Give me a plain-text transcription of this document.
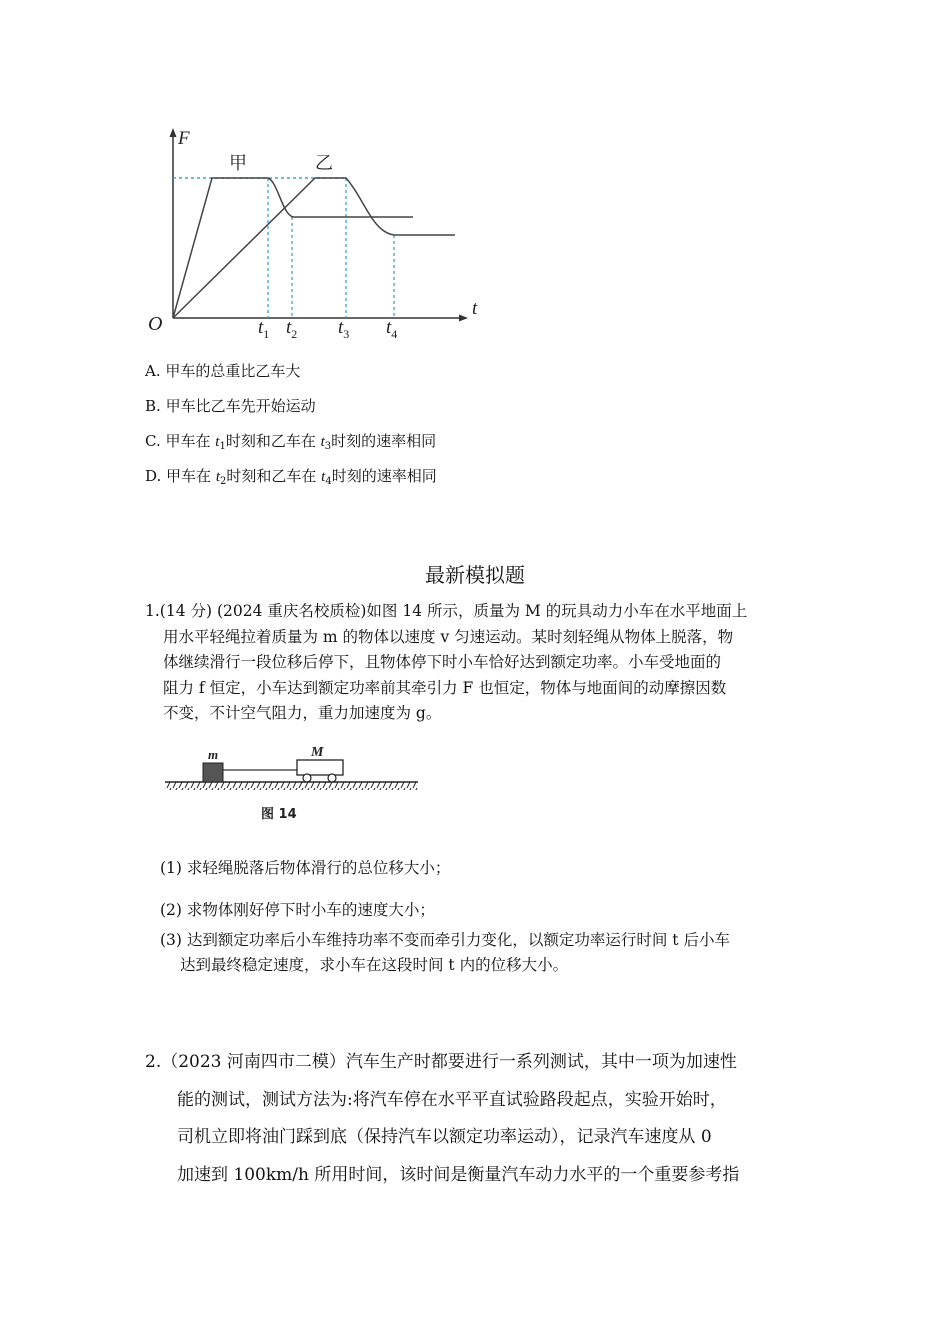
F
t
O
甲	乙
$t_1$ $t_2$ $t_3$ $t_4$
A. 甲车的总重比乙车大
B. 甲车比乙车先开始运动
C. 甲车在 $t_1$时刻和乙车在 $t_3$时刻的速率相同
D. 甲车在 $t_2$时刻和乙车在 $t_4$时刻的速率相同
最新模拟题
1.(14 分) (2024 重庆名校质检)如图 14 所示，质量为 M 的玩具动力小车在水平地面上
用水平轻绳拉着质量为 m 的物体以速度 v 匀速运动。某时刻轻绳从物体上脱落，物
体继续滑行一段位移后停下，且物体停下时小车恰好达到额定功率。小车受地面的
阻力 f 恒定，小车达到额定功率前其牵引力 F 也恒定，物体与地面间的动摩擦因数
不变，不计空气阻力，重力加速度为 g。
m	M
图 14
(1) 求轻绳脱落后物体滑行的总位移大小；
(2) 求物体刚好停下时小车的速度大小；
(3) 达到额定功率后小车维持功率不变而牵引力变化，以额定功率运行时间 t 后小车
达到最终稳定速度，求小车在这段时间 t 内的位移大小。
2.（2023 河南四市二模）汽车生产时都要进行一系列测试，其中一项为加速性
能的测试，测试方法为:将汽车停在水平平直试验路段起点，实验开始时，
司机立即将油门踩到底（保持汽车以额定功率运动），记录汽车速度从 0
加速到 100km/h 所用时间，该时间是衡量汽车动力水平的一个重要参考指
